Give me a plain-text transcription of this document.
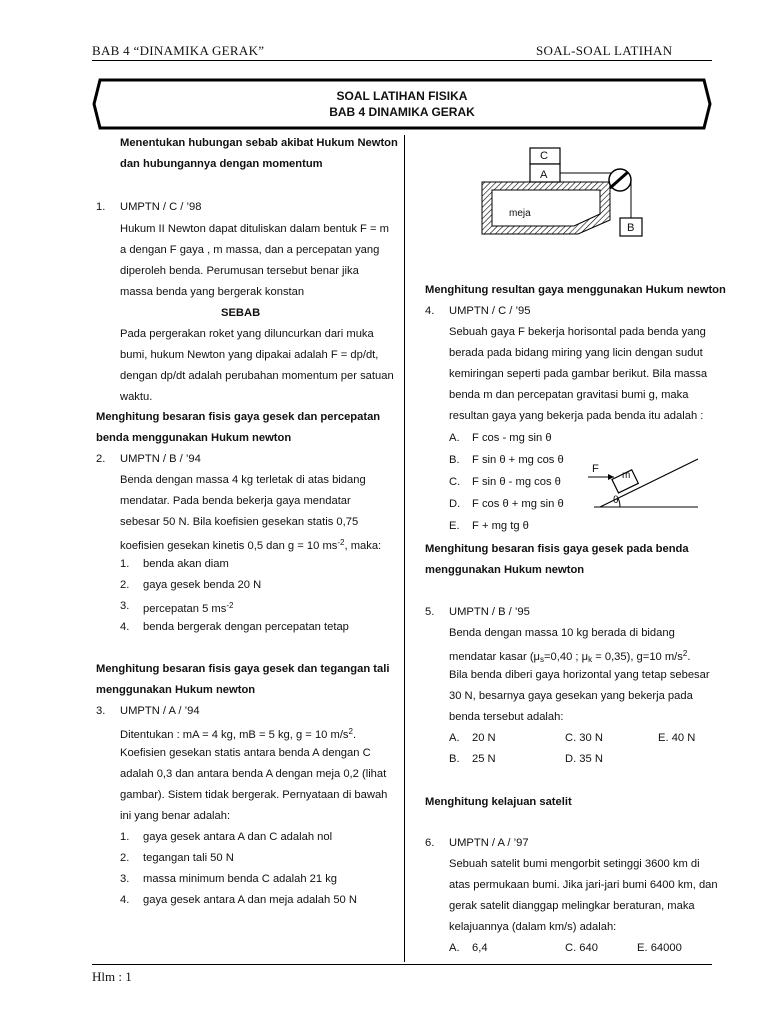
BAB 4 “DINAMIKA GERAK”	SOAL-SOAL LATIHAN
SOAL LATIHAN FISIKA
BAB 4 DINAMIKA GERAK
Menentukan hubungan sebab akibat Hukum Newton
dan hubungannya dengan momentum
1. UMPTN / C / ’98
Hukum II Newton dapat dituliskan dalam bentuk F = m
a dengan F gaya , m massa, dan a percepatan yang
diperoleh benda. Perumusan tersebut benar jika
massa benda yang bergerak konstan
SEBAB
Pada pergerakan roket yang diluncurkan dari muka
bumi, hukum Newton yang dipakai adalah F = dp/dt,
dengan dp/dt adalah perubahan momentum per satuan
waktu.
Menghitung besaran fisis gaya gesek dan percepatan
benda menggunakan Hukum newton
2. UMPTN / B / ’94
Benda dengan massa 4 kg terletak di atas bidang
mendatar. Pada benda bekerja gaya mendatar
sebesar 50 N. Bila koefisien gesekan statis 0,75
koefisien gesekan kinetis 0,5 dan g = 10 $ms^{-2}$, maka:
1. benda akan diam
2. gaya gesek benda 20 N
3. percepatan 5 $ms^{-2}$
4. benda bergerak dengan percepatan tetap
Menghitung besaran fisis gaya gesek dan tegangan tali
menggunakan Hukum newton
3. UMPTN / A / ’94
Ditentukan : mA = 4 kg, mB = 5 kg, g = 10 $m/s^2$.
Koefisien gesekan statis antara benda A dengan C
adalah 0,3 dan antara benda A dengan meja 0,2 (lihat
gambar). Sistem tidak bergerak. Pernyataan di bawah
ini yang benar adalah:
1. gaya gesek antara A dan C adalah nol
2. tegangan tali 50 N
3. massa minimum benda C adalah 21 kg
4. gaya gesek antara A dan meja adalah 50 N
C
A
B
meja
Menghitung resultan gaya menggunakan Hukum newton
4. UMPTN / C / ’95
Sebuah gaya F bekerja horisontal pada benda yang
berada pada bidang miring yang licin dengan sudut
kemiringan seperti pada gambar berikut. Bila massa
benda m dan percepatan gravitasi bumi g, maka
resultan gaya yang bekerja pada benda itu adalah :
A. F cos - mg sin θ
B. F sin θ + mg cos θ
C. F sin θ - mg cos θ
D. F cos θ + mg sin θ
E. F + mg tg θ
F
m
θ
Menghitung besaran fisis gaya gesek pada benda
menggunakan Hukum newton
5. UMPTN / B / ’95
Benda dengan massa 10 kg berada di bidang
mendatar kasar ($\mu_s=0,40$ ; $\mu_k = 0,35$), g=10 $m/s^2$.
Bila benda diberi gaya horizontal yang tetap sebesar
30 N, besarnya gaya gesekan yang bekerja pada
benda tersebut adalah:
A. 20 N	C. 30 N	E. 40 N
B. 25 N	D. 35 N
Menghitung kelajuan satelit
6. UMPTN / A / ’97
Sebuah satelit bumi mengorbit setinggi 3600 km di
atas permukaan bumi. Jika jari-jari bumi 6400 km, dan
gerak satelit dianggap melingkar beraturan, maka
kelajuannya (dalam km/s) adalah:
A. 6,4	C. 640	E. 64000
Hlm : 1
